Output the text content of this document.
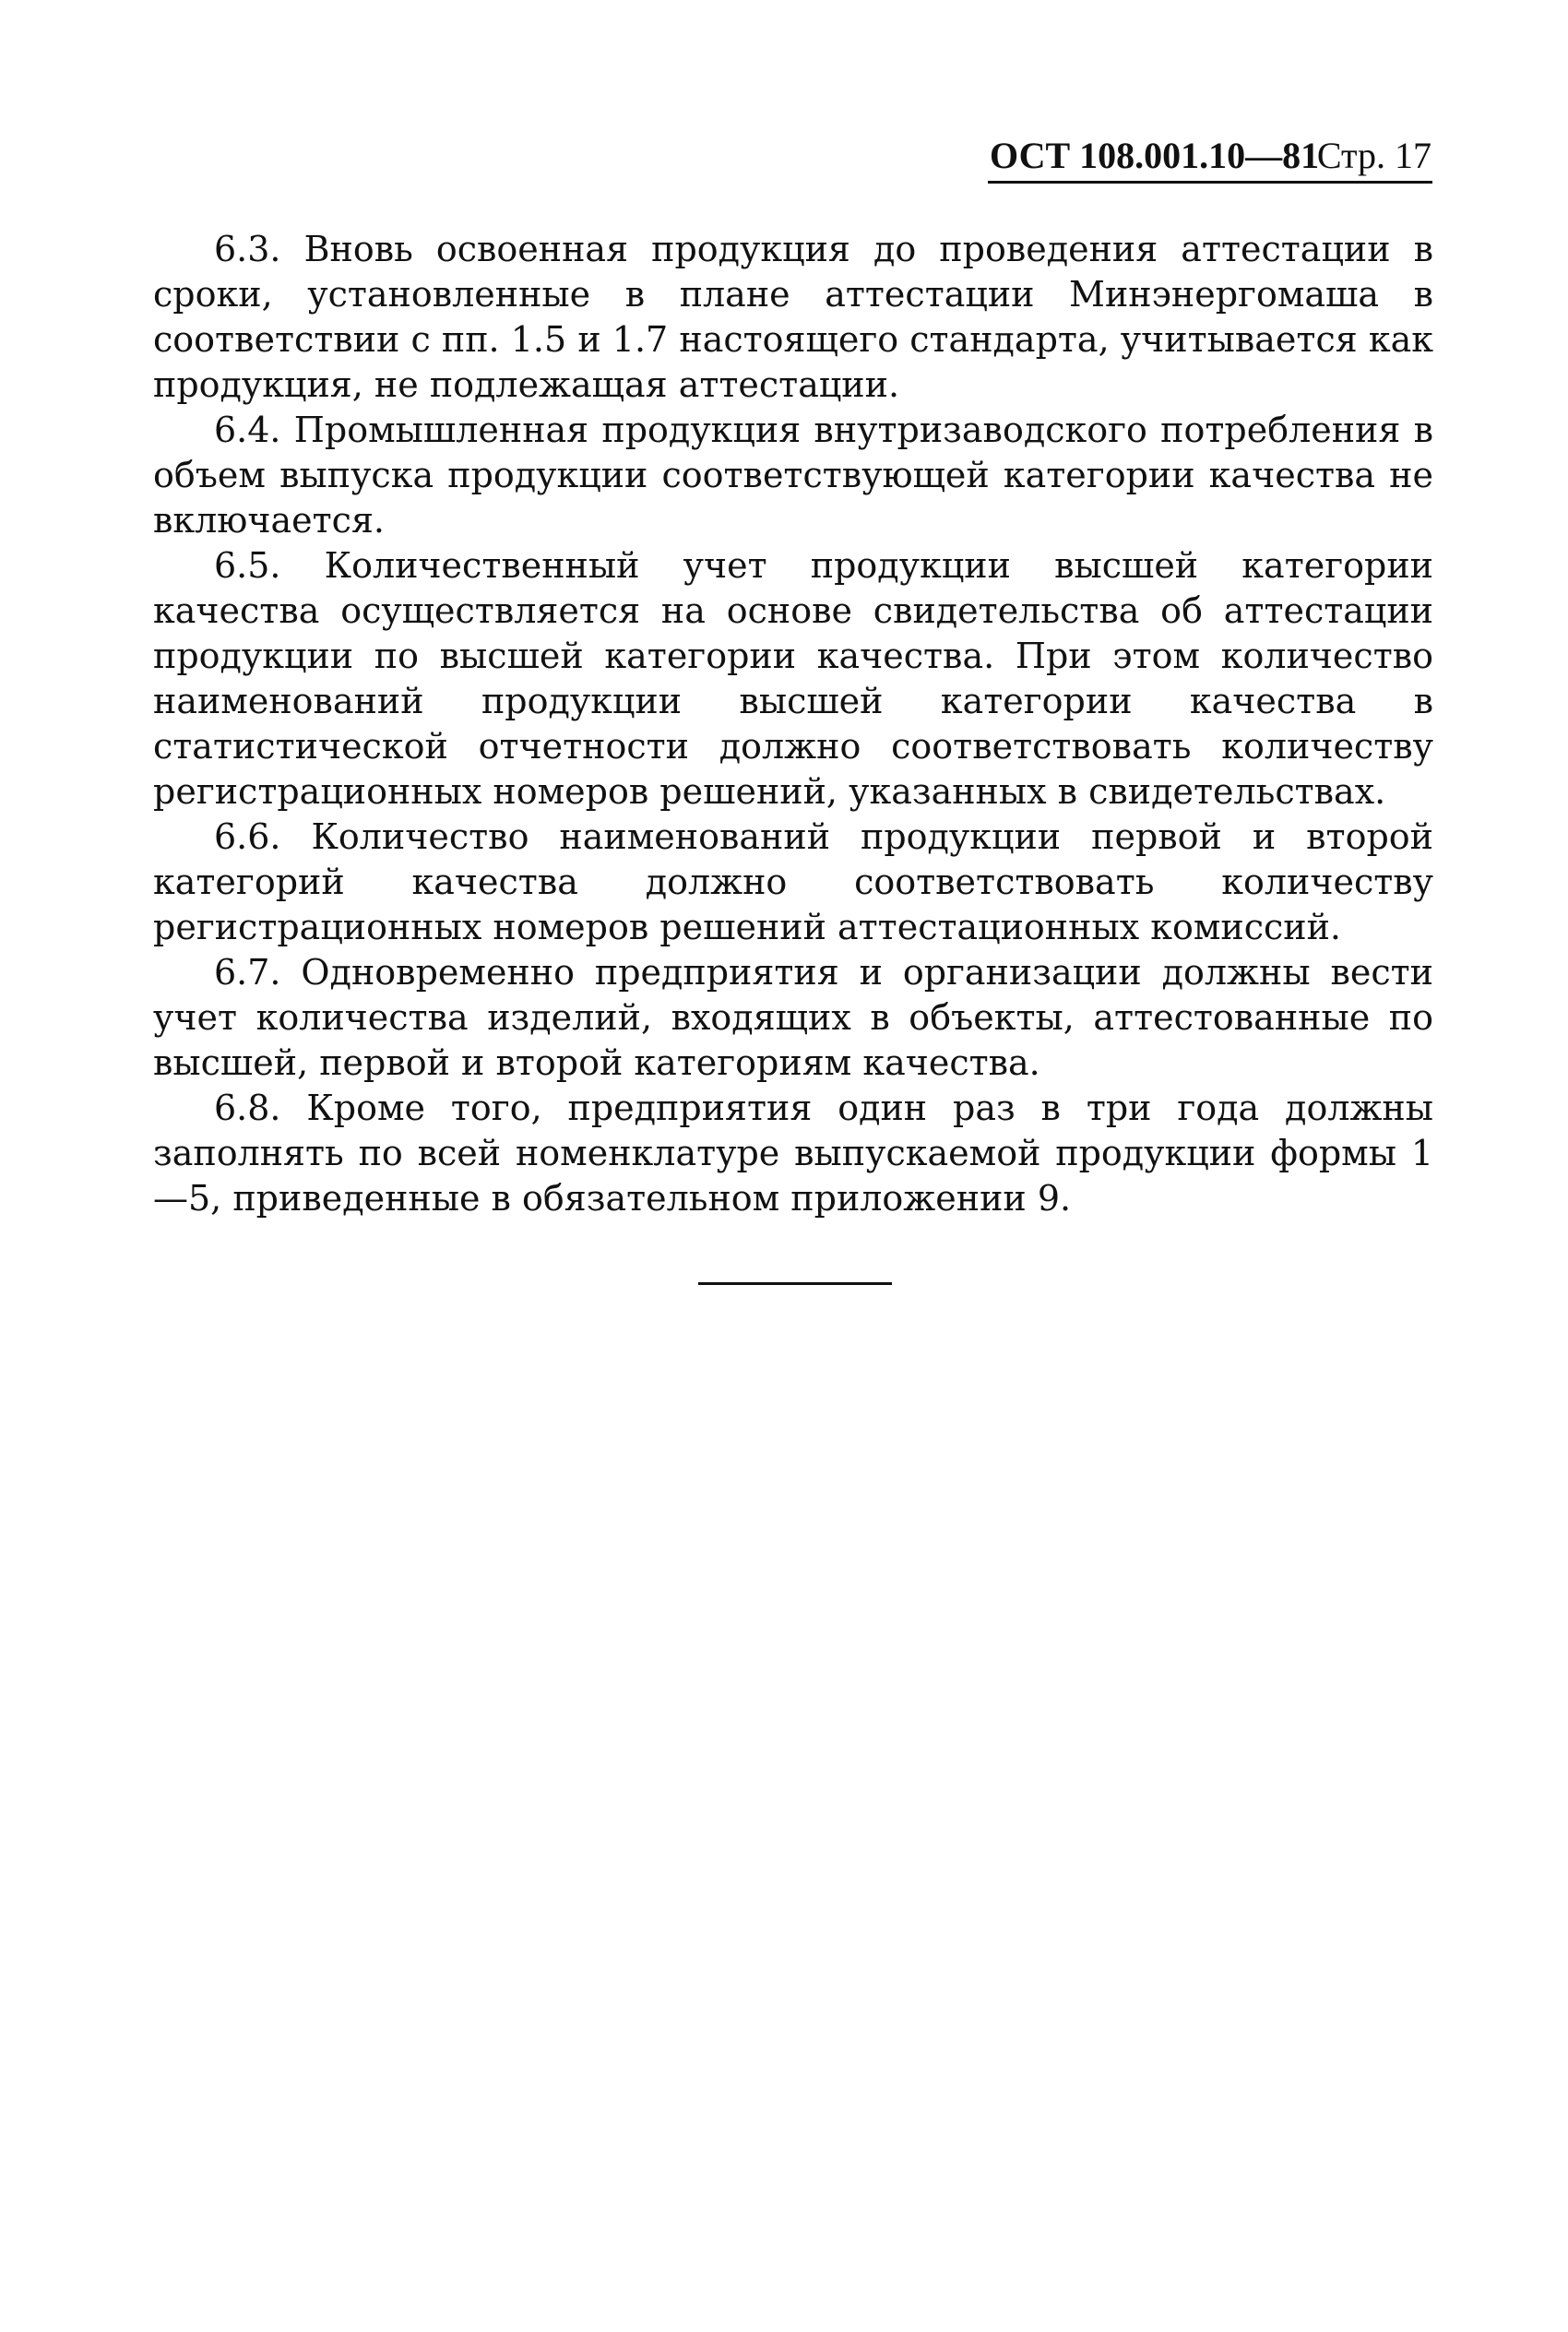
ОСТ 108.001.10—81
Стр. 17

6.3. Вновь освоенная продукция до проведения аттестации в сроки, установленные в плане аттестации Минэнергомаша в соответствии с пп. 1.5 и 1.7 настоящего стандарта, учитывается как продукция, не подлежащая аттестации.

6.4. Промышленная продукция внутризаводского потребления в объем выпуска продукции соответствующей категории качества не включается.

6.5. Количественный учет продукции высшей категории качества осуществляется на основе свидетельства об аттестации продукции по высшей категории качества. При этом количество наименований продукции высшей категории качества в статистической отчетности должно соответствовать количеству регистрационных номеров решений, указанных в свидетельствах.

6.6. Количество наименований продукции первой и второй категорий качества должно соответствовать количеству регистрационных номеров решений аттестационных комиссий.

6.7. Одновременно предприятия и организации должны вести учет количества изделий, входящих в объекты, аттестованные по высшей, первой и второй категориям качества.

6.8. Кроме того, предприятия один раз в три года должны заполнять по всей номенклатуре выпускаемой продукции формы 1—5, приведенные в обязательном приложении 9.
